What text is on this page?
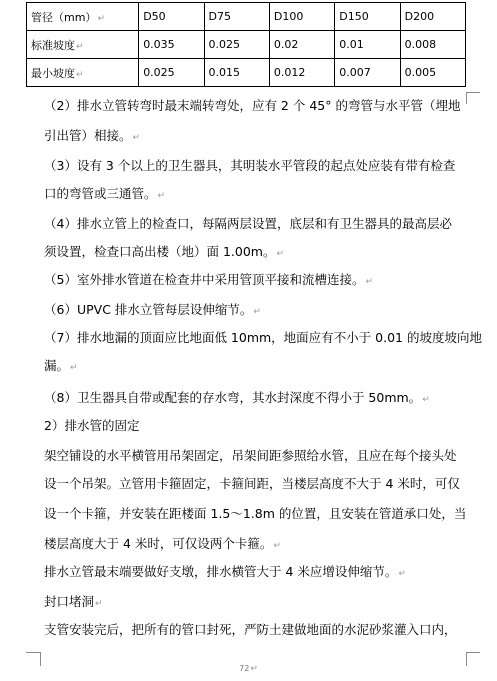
管径（mm）↵	D50	D75	D100	D150	D200
标准坡度↵	0.035	0.025	0.02	0.01	0.008
最小坡度↵	0.025	0.015	0.012	0.007	0.005
（2）排水立管转弯时最末端转弯处，应有 2 个 45° 的弯管与水平管（埋地
引出管）相接。↵
（3）设有 3 个以上的卫生器具，其明装水平管段的起点处应装有带有检查
口的弯管或三通管。↵
（4）排水立管上的检查口，每隔两层设置，底层和有卫生器具的最高层必
须设置，检查口高出楼（地）面 1.00m。↵
（5）室外排水管道在检查井中采用管顶平接和流槽连接。↵
（6）UPVC 排水立管每层设伸缩节。↵
（7）排水地漏的顶面应比地面低 10mm，地面应有不小于 0.01 的坡度坡向地
漏。↵
（8）卫生器具自带或配套的存水弯，其水封深度不得小于 50mm。↵
2）排水管的固定
架空铺设的水平横管用吊架固定，吊架间距参照给水管，且应在每个接头处
设一个吊架。立管用卡箍固定，卡箍间距，当楼层高度不大于 4 米时，可仅
设一个卡箍，并安装在距楼面 1.5～1.8m 的位置，且安装在管道承口处，当
楼层高度大于 4 米时，可仅设两个卡箍。↵
排水立管最末端要做好支墩，排水横管大于 4 米应增设伸缩节。↵
封口堵洞↵
支管安装完后，把所有的管口封死，严防土建做地面的水泥砂浆灌入口内，
72↵
